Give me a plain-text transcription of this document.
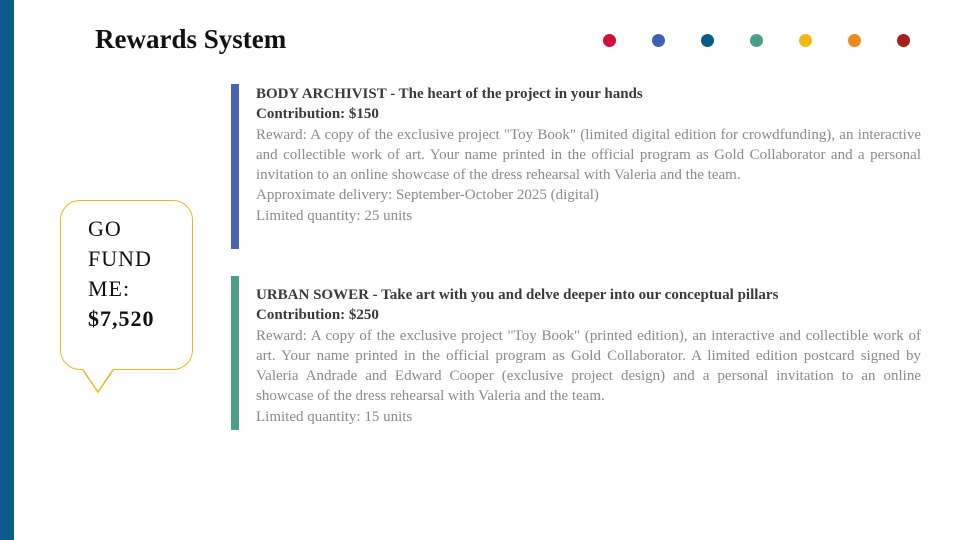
Rewards System
GO
FUND
ME:
$7,520
BODY ARCHIVIST - The heart of the project in your hands
Contribution: $150
Reward: A copy of the exclusive project "Toy Book" (limited digital edition for crowdfunding), an interactive and collectible work of art. Your name printed in the official program as Gold Collaborator and a personal invitation to an online showcase of the dress rehearsal with Valeria and the team.
Approximate delivery: September-October 2025 (digital)
Limited quantity: 25 units
URBAN SOWER - Take art with you and delve deeper into our conceptual pillars
Contribution: $250
Reward: A copy of the exclusive project "Toy Book" (printed edition), an interactive and collectible work of art. Your name printed in the official program as Gold Collaborator. A limited edition postcard signed by Valeria Andrade and Edward Cooper (exclusive project design) and a personal invitation to an online showcase of the dress rehearsal with Valeria and the team.
Limited quantity: 15 units
